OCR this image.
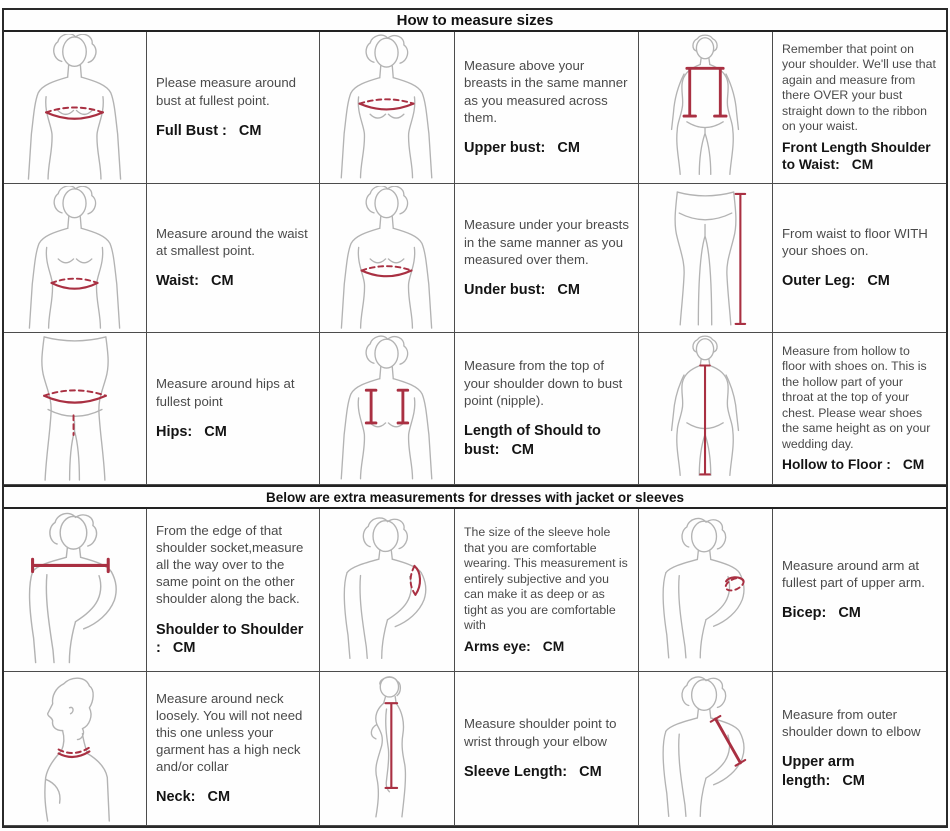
How to measure sizes
Please measure around bust at fullest point.
Full Bust : CM
Measure above your breasts in the same manner as you measured across them.
Upper bust: CM
Remember that point on your shoulder. We'll use that again and measure from there OVER your bust straight down to the ribbon on your waist.
Front Length Shoulder to Waist: CM
Measure around the waist at smallest point.
Waist: CM
Measure under your breasts in the same manner as you measured over them.
Under bust: CM
From waist to floor WITH your shoes on.
Outer Leg: CM
Measure around hips at fullest point
Hips: CM
Measure from the top of your shoulder down to bust point (nipple).
Length of Should to bust: CM
Measure from hollow to floor with shoes on. This is the hollow part of your throat at the top of your chest. Please wear shoes the same height as on your wedding day.
Hollow to Floor : CM
Below are extra measurements for dresses with jacket or sleeves
From the edge of that shoulder socket,measure all the way over to the same point on the other shoulder along the back.
Shoulder to Shoulder : CM
The size of the sleeve hole that you are comfortable wearing. This measurement is entirely subjective and you can make it as deep or as tight as you are comfortable with
Arms eye: CM
Measure around arm at fullest part of upper arm.
Bicep: CM
Measure around neck loosely. You will not need this one unless your garment has a high neck and/or collar
Neck: CM
Measure shoulder point to wrist through your elbow
Sleeve Length: CM
Measure from outer shoulder down to elbow
Upper arm length: CM
